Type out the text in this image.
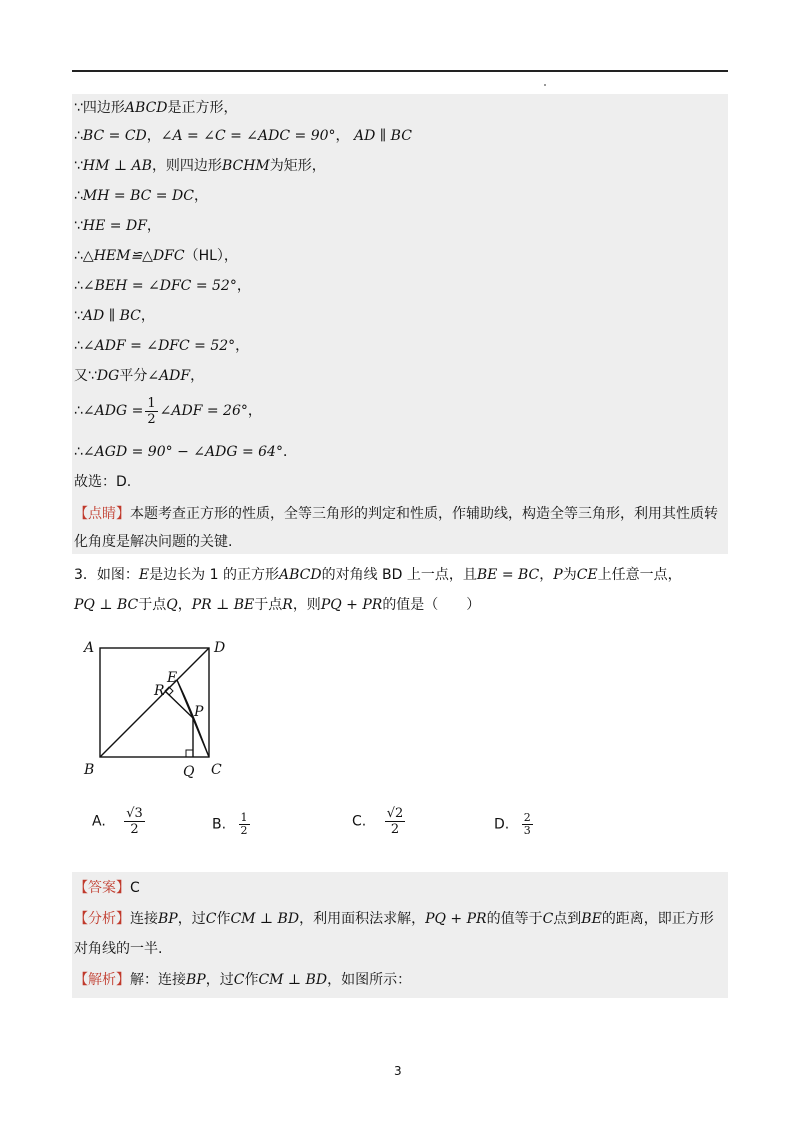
∵四边形ABCD是正方形，
∴BC = CD，∠A = ∠C = ∠ADC = 90°， AD ∥ BC
∵HM ⊥ AB，则四边形BCHM为矩形，
∴MH = BC = DC，
∵HE = DF，
∴△HEM≌△DFC（HL），
∴∠BEH = ∠DFC = 52°，
∵AD ∥ BC，
∴∠ADF = ∠DFC = 52°，
又∵DG平分∠ADF，
∴∠ADG = $\frac{1}{2}$ ∠ADF = 26°，
∴∠AGD = 90° − ∠ADG = 64°．
故选：D.
【点睛】本题考查正方形的性质，全等三角形的判定和性质，作辅助线，构造全等三角形，利用其性质转化角度是解决问题的关键.
3．如图：E是边长为 1 的正方形ABCD的对角线 BD 上一点，且BE = BC，P为CE上任意一点，
PQ ⊥ BC于点Q，PR ⊥ BE于点R，则PQ + PR的值是（　　）
A	D
B	C
E
R
P
Q
A. $\frac{√3}{2}$	B. $\frac{1}{2}$	C. $\frac{√2}{2}$	D. $\frac{2}{3}$
【答案】C
【分析】连接BP，过C作CM ⊥ BD，利用面积法求解，PQ + PR的值等于C点到BE的距离，即正方形对角线的一半.
【解析】解：连接BP，过C作CM ⊥ BD，如图所示：
3
